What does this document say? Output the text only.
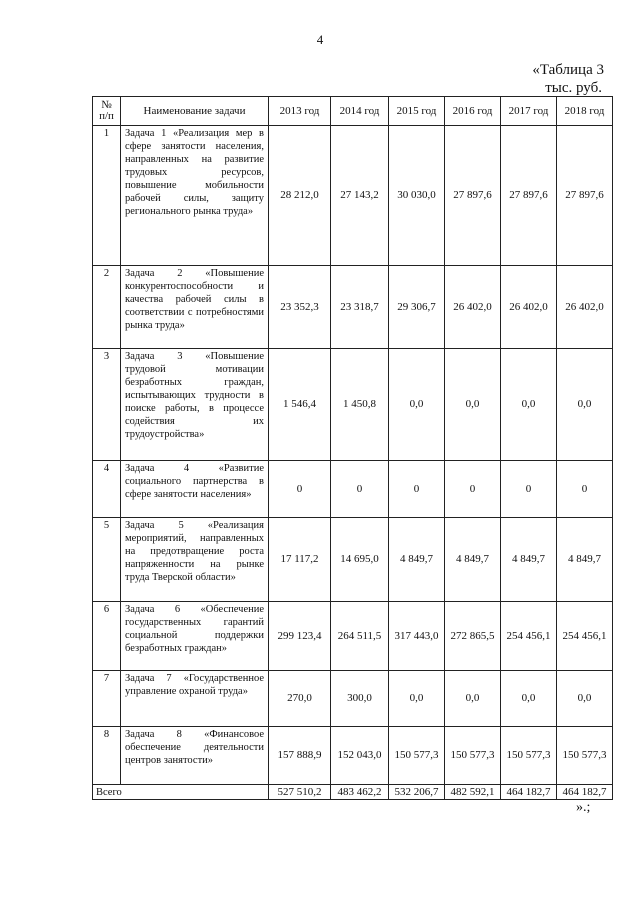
4
«Таблица 3
тыс. руб.
№ п/п	Наименование задачи	2013 год	2014 год	2015 год	2016 год	2017 год	2018 год
1	Задача 1 «Реализация мер в сфере занятости населения, направленных на развитие трудовых ресурсов, повышение мобильности рабочей силы, защиту регионального рынка труда»	28 212,0	27 143,2	30 030,0	27 897,6	27 897,6	27 897,6
2	Задача 2 «Повышение конкурентоспособности и качества рабочей силы в соответствии с потребностями рынка труда»	23 352,3	23 318,7	29 306,7	26 402,0	26 402,0	26 402,0
3	Задача 3 «Повышение трудовой мотивации безработных граждан, испытывающих трудности в поиске работы, в процессе содействия их трудоустройства»	1 546,4	1 450,8	0,0	0,0	0,0	0,0
4	Задача 4 «Развитие социального партнерства в сфере занятости населения»	0	0	0	0	0	0
5	Задача 5 «Реализация мероприятий, направленных на предотвращение роста напряженности на рынке труда Тверской области»	17 117,2	14 695,0	4 849,7	4 849,7	4 849,7	4 849,7
6	Задача 6 «Обеспечение государственных гарантий социальной поддержки безработных граждан»	299 123,4	264 511,5	317 443,0	272 865,5	254 456,1	254 456,1
7	Задача 7 «Государственное управление охраной труда»	270,0	300,0	0,0	0,0	0,0	0,0
8	Задача 8 «Финансовое обеспечение деятельности центров занятости»	157 888,9	152 043,0	150 577,3	150 577,3	150 577,3	150 577,3
Всего		527 510,2	483 462,2	532 206,7	482 592,1	464 182,7	464 182,7
».;
